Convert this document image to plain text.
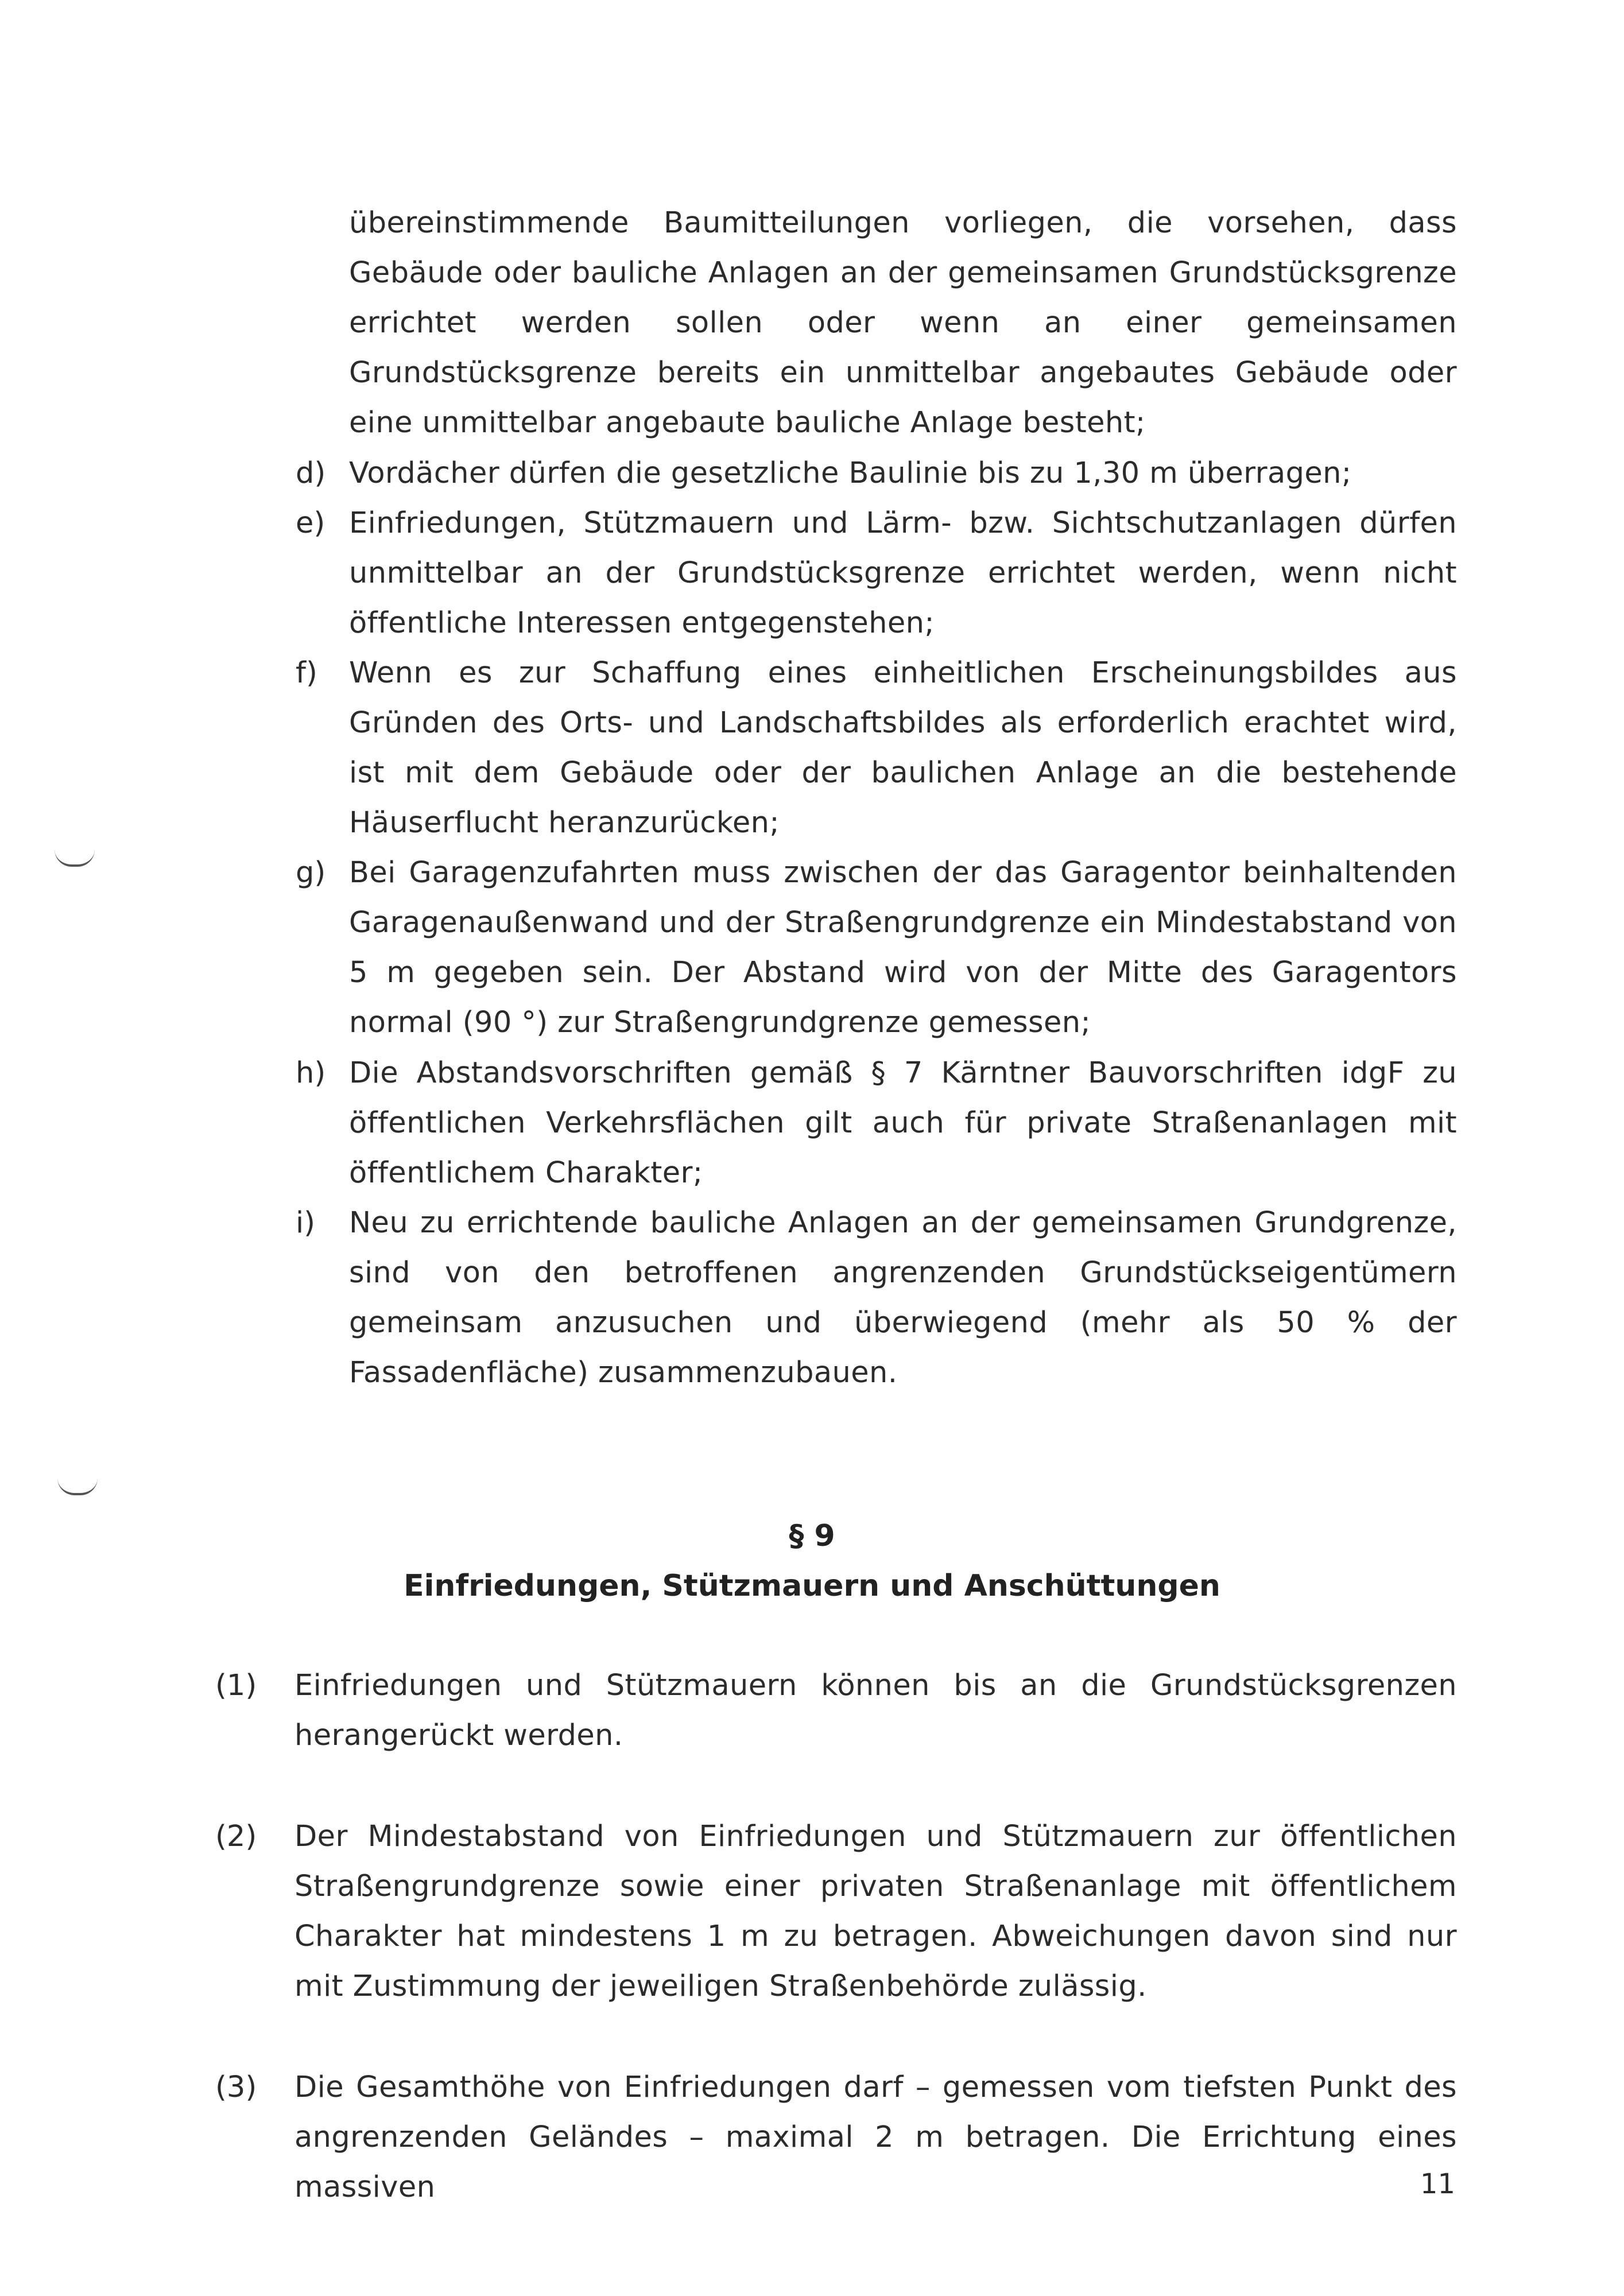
übereinstimmende Baumitteilungen vorliegen, die vorsehen, dass Gebäude oder bauliche Anlagen an der gemeinsamen Grundstücksgrenze errichtet werden sollen oder wenn an einer gemeinsamen Grundstücksgrenze bereits ein unmittelbar angebautes Gebäude oder eine unmittelbar angebaute bauliche Anlage besteht;
d) Vordächer dürfen die gesetzliche Baulinie bis zu 1,30 m überragen;
e) Einfriedungen, Stützmauern und Lärm- bzw. Sichtschutzanlagen dürfen unmittelbar an der Grundstücksgrenze errichtet werden, wenn nicht öffentliche Interessen entgegenstehen;
f) Wenn es zur Schaffung eines einheitlichen Erscheinungsbildes aus Gründen des Orts- und Landschaftsbildes als erforderlich erachtet wird, ist mit dem Gebäude oder der baulichen Anlage an die bestehende Häuserflucht heranzurücken;
g) Bei Garagenzufahrten muss zwischen der das Garagentor beinhaltenden Garagenaußenwand und der Straßengrundgrenze ein Mindestabstand von 5 m gegeben sein. Der Abstand wird von der Mitte des Garagentors normal (90 °) zur Straßengrundgrenze gemessen;
h) Die Abstandsvorschriften gemäß § 7 Kärntner Bauvorschriften idgF zu öffentlichen Verkehrsflächen gilt auch für private Straßenanlagen mit öffentlichem Charakter;
i) Neu zu errichtende bauliche Anlagen an der gemeinsamen Grundgrenze, sind von den betroffenen angrenzenden Grundstückseigentümern gemeinsam anzusuchen und überwiegend (mehr als 50 % der Fassadenfläche) zusammenzubauen.
§ 9
Einfriedungen, Stützmauern und Anschüttungen
(1) Einfriedungen und Stützmauern können bis an die Grundstücksgrenzen herangerückt werden.
(2) Der Mindestabstand von Einfriedungen und Stützmauern zur öffentlichen Straßengrundgrenze sowie einer privaten Straßenanlage mit öffentlichem Charakter hat mindestens 1 m zu betragen. Abweichungen davon sind nur mit Zustimmung der jeweiligen Straßenbehörde zulässig.
(3) Die Gesamthöhe von Einfriedungen darf – gemessen vom tiefsten Punkt des angrenzenden Geländes – maximal 2 m betragen. Die Errichtung eines massiven	11
